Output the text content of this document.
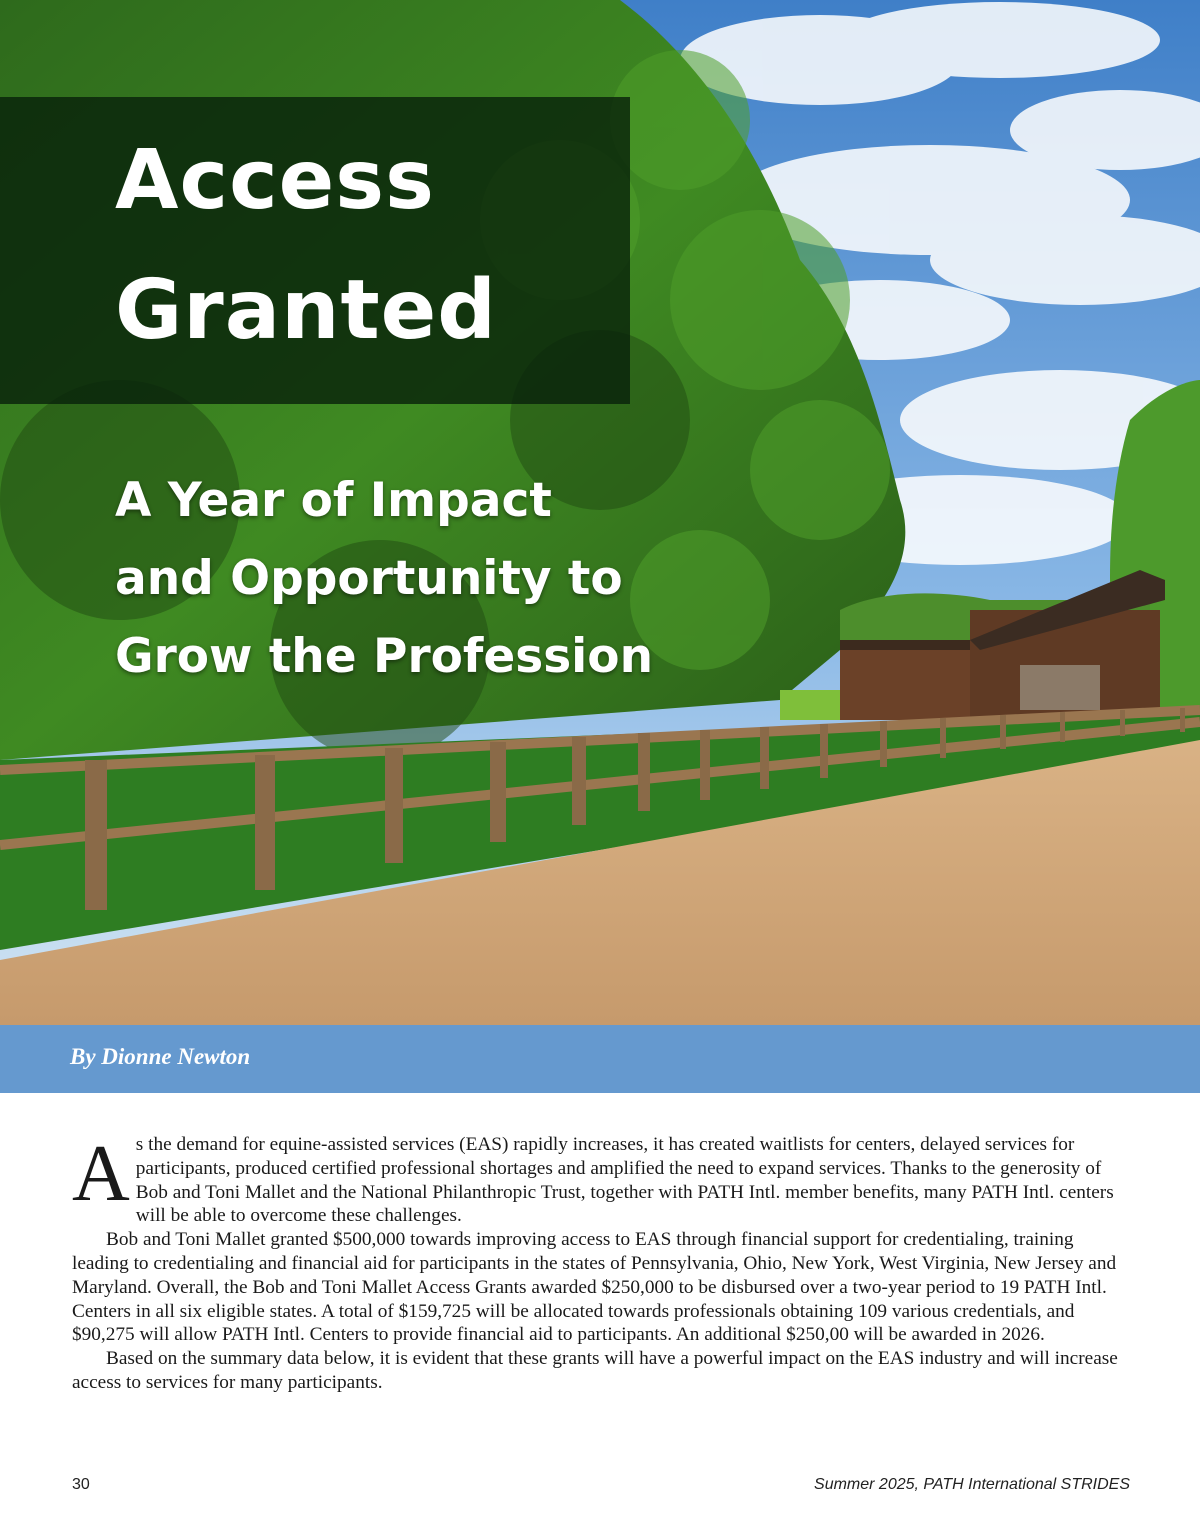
Access
Granted
A Year of Impact
and Opportunity to
Grow the Profession
By Dionne Newton

As the demand for equine-assisted services (EAS) rapidly increases, it has created waitlists for centers, delayed services for participants, produced certified professional shortages and amplified the need to expand services. Thanks to the generosity of Bob and Toni Mallet and the National Philanthropic Trust, together with PATH Intl. member benefits, many PATH Intl. centers will be able to overcome these challenges.

Bob and Toni Mallet granted $500,000 towards improving access to EAS through financial support for credentialing, training leading to credentialing and financial aid for participants in the states of Pennsylvania, Ohio, New York, West Virginia, New Jersey and Maryland. Overall, the Bob and Toni Mallet Access Grants awarded $250,000 to be disbursed over a two-year period to 19 PATH Intl. Centers in all six eligible states. A total of $159,725 will be allocated towards professionals obtaining 109 various credentials, and $90,275 will allow PATH Intl. Centers to provide financial aid to participants. An additional $250,00 will be awarded in 2026.

Based on the summary data below, it is evident that these grants will have a powerful impact on the EAS industry and will increase access to services for many participants.

30	Summer 2025, PATH International STRIDES
